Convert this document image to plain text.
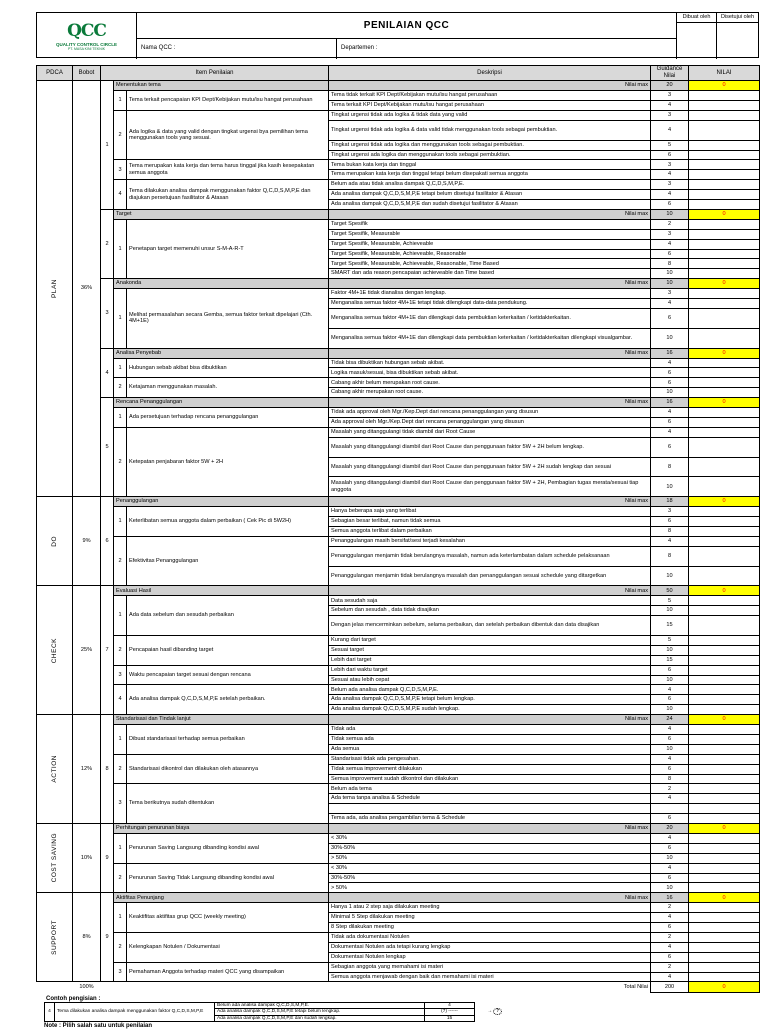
QCC
QUALITY CONTROL CIRCLE
PT. MASA KINI TEKNIK
PENILAIAN QCC
Nama QCC :	Departemen :
Dibuat oleh	Disetujui oleh
PDCA	Bobot	Item Penilaian			Deskripsi	Guidance Nilai	NILAI

PLAN	36%	1	Menentukan tema		Nilai max	20	0
			1	Tema terkait pencapaian KPI Dept/Kebijakan mutu/isu hangat perusahaan	Tema tidak terkait KPI Dept/Kebijakan mutu/isu hangat perusahaan	3	
					Tema terkait KPI Dept/Kebijakan mutu/isu hangat perusahaan	4	
			2	Ada logika & data yang valid dengan tingkat urgensi bya pemilihan tema menggunakan tools yang sesuai.	Tingkat urgensi tidak ada logika & tidak data yang valid	3	
					Tingkat urgensi tidak ada logika & data valid tidak menggunakan tools sebagai pembuktian.	4	
					Tingkat urgensi tidak ada logika dan menggunakan tools sebagai pembuktian.	5	
					Tingkat urgensi ada logika dan menggunakan tools sebagai pembuktian.	6	
			3	Tema merupakan kata kerja dan tema harus tinggal jika kasih kesepakatan semua anggota	Tema bukan kata kerja dan tinggal	3	
					Tema merupakan kata kerja dan tinggal tetapi belum disepakati semua anggota	4	
			4	Tema dilakukan analisa dampak menggunakan faktor Q,C,D,S,M,P,E dan diajukan persetujuan fasilitator & Atasan	Belum ada atau tidak analisa dampak Q,C,D,S,M,P,E.	3	
					Ada analisa dampak Q,C,D,S,M,P,E tetapi belum disetujui fasilitator & Atasan	4	
					Ada analisa dampak Q,C,D,S,M,P,E dan sudah disetujui fasilitator & Atasan	6	
		2	Target		Nilai max	10	0
			1	Penetapan target memenuhi unsur S-M-A-R-T	Target Spesifik	2	
					Target Spesifik, Measurable	3	
					Target Spesifik, Measurable, Achieveable	4	
					Target Spesifik, Measurable, Achieveable, Reasonable	6	
					Target Spesifik, Measurable, Achieveable, Reasonable, Time Based	8	
					SMART dan ada reason pencapaian achieveable dan Time based	10	
		3	Anakonda		Nilai max	10	0
			1	Melihat permasalahan secara Gemba, semua faktor terkait dipelajari (Cth. 4M+1E)	Faktor 4M+1E tidak dianalisa dengan lengkap.	3	
					Menganalisa semua faktor 4M+1E tetapi tidak dilengkapi data-data pendukung.	4	
					Menganalisa semua faktor 4M+1E dan dilengkapi data pembuktian keterkaitan / ketidakterkaitan.	6	
					Menganalisa semua faktor 4M+1E dan dilengkapi data pembuktian keterkaitan / ketidakterkaitan dilengkapi visualgambar.	10	
		4	Analisa Penyebab		Nilai max	16	0
			1	Hubungan sebab akibat bisa dibuktikan	Tidak bisa dibuktikan hubungan sebab akibat.	4	
					Logika masuk/sesuai, bisa dibuktikan sebab akibat.	6	
			2	Ketajaman menggunakan masalah.	Cabang akhir belum merupakan root cause.	6	
					Cabang akhir merupakan root cause.	10	
		5	Rencana Penanggulangan		Nilai max	16	0
			1	Ada persetujuan terhadap rencana penanggulangan	Tidak ada approval oleh Mgr./Kep.Dept dari rencana penanggulangan yang disusun	4	
					Ada approval oleh Mgr./Kep.Dept dari rencana penanggulangan yang disusun	6	
			2	Ketepatan penjabaran faktor 5W + 2H	Masalah yang ditanggulangi tidak diambil dari Root Cause	4	
					Masalah yang ditanggulangi diambil dari Root Cause dan penggunaan faktor 5W + 2H belum lengkap.	6	
					Masalah yang ditanggulangi diambil dari Root Cause dan penggunaan faktor 5W + 2H sudah lengkap dan sesuai	8	
					Masalah yang ditanggulangi diambil dari Root Cause dan penggunaan faktor 5W + 2H, Pembagian tugas merata/sesuai tiap anggota	10	

DO	9%	6	Penanggulangan		Nilai max	18	0
			1	Keterlibatan semua anggota dalam perbaikan ( Cek Pic di 5W2H)	Hanya beberapa saja yang terlibat	3	
					Sebagian besar terlibat, namun tidak semua	6	
					Semua anggota terlibat dalam perbaikan	8	
			2	Efektivitas Penanggulangan	Penanggulangan masih bersifat/sesi terjadi kesalahan	4	
					Penanggulangan menjamin tidak berulangnya masalah, namun ada keterlambatan dalam schedule pelaksanaan	8	
					Penanggulangan menjamin tidak berulangnya masalah dan penanggulangan sesuai schedule yang ditargetkan	10	

CHECK	25%	7	Evaluasi Hasil		Nilai max	50	0
			1	Ada data sebelum dan sesudah perbaikan	Data sesudah saja	5	
					Sebelum dan sesudah , data tidak disajikan	10	
					Dengan jelas mencerminkan sebelum, selama perbaikan, dan setelah perbaikan dibentuk dan data disajikan	15	
			2	Pencapaian hasil dibanding target	Kurang dari target	5	
					Sesuai target	10	
					Lebih dari target	15	
			3	Waktu pencapaian target sesuai dengan rencana	Lebih dari waktu target	6	
					Sesuai atau lebih cepat	10	
			4	Ada analisa dampak Q,C,D,S,M,P,E setelah perbaikan.	Belum ada analisa dampak Q,C,D,S,M,P,E.	4	
					Ada analisa dampak Q,C,D,S,M,P,E tetapi belum lengkap.	6	
					Ada analisa dampak Q,C,D,S,M,P,E sudah lengkap.	10	

ACTION	12%	8	Standarisasi dan Tindak lanjut		Nilai max	24	0
			1	Dibuat standarisasi terhadap semua perbaikan	Tidak ada	4	
					Tidak semua ada	6	
					Ada semua	10	
			2	Standarisasi dikontrol dan dilakukan oleh atasannya	Standarisasi tidak ada pengesahan.	4	
					Tidak semua improvement dilakukan	6	
					Semua improvement sudah dikontrol dan dilakukan	8	
			3	Tema berikutnya sudah ditentukan	Belum ada tema	2	
					Ada tema tanpa analisa & Schedule	4	

					Tema ada, ada analisa pengambilan tema & Schedule	6	

COST SAVING	10%	9	Perhitungan penurunan biaya		Nilai max	20	0
			1	Penurunan Saving Langsung dibanding kondisi awal	< 30%	4	
					30%-50%	6	
					> 50%	10	
			2	Penurunan Saving Tidak Langsung dibanding kondisi awal	< 30%	4	
					30%-50%	6	
					> 50%	10	

SUPPORT	8%	9	Aktifitas Penunjang		Nilai max	16	0
			1	Keaktifitas aktifitas grup QCC (weekly meeting)	Hanya 1 atau 2 step saja dilakukan meeting	2	
					Minimal 5 Step dilakukan meeting	4	
					8 Step dilakukan meeting	6	
			2	Kelengkapan Notulen / Dokumentasi	Tidak ada dokumentasi Notulen	2	
					Dokumentasi Notulen ada tetapi kurang lengkap	4	
					Dokumentasi Notulen lengkap	6	
			3	Pemahaman Anggota terhadap materi QCC yang disampaikan	Sebagian anggota yang memahami isi materi	2	
					Semua anggota menjawab dengan baik dan memahami isi materi	4	
	100%	Total Nilai				200	0
Contoh pengisian :
4	Tema dilakukan analisa dampak menggunakan faktor Q,C,D,S,M,P,E	Belum ada analisa dampak Q,C,D,S,M,P,E.	4	→ 7
		Ada analisa dampak Q,C,D,S,M,P,E tetapi belum lengkap.	(7) ------	
		Ada analisa dampak Q,C,D,S,M,P,E dan sudah lengkap.	15	
Note : Pilih salah satu untuk penilaian
